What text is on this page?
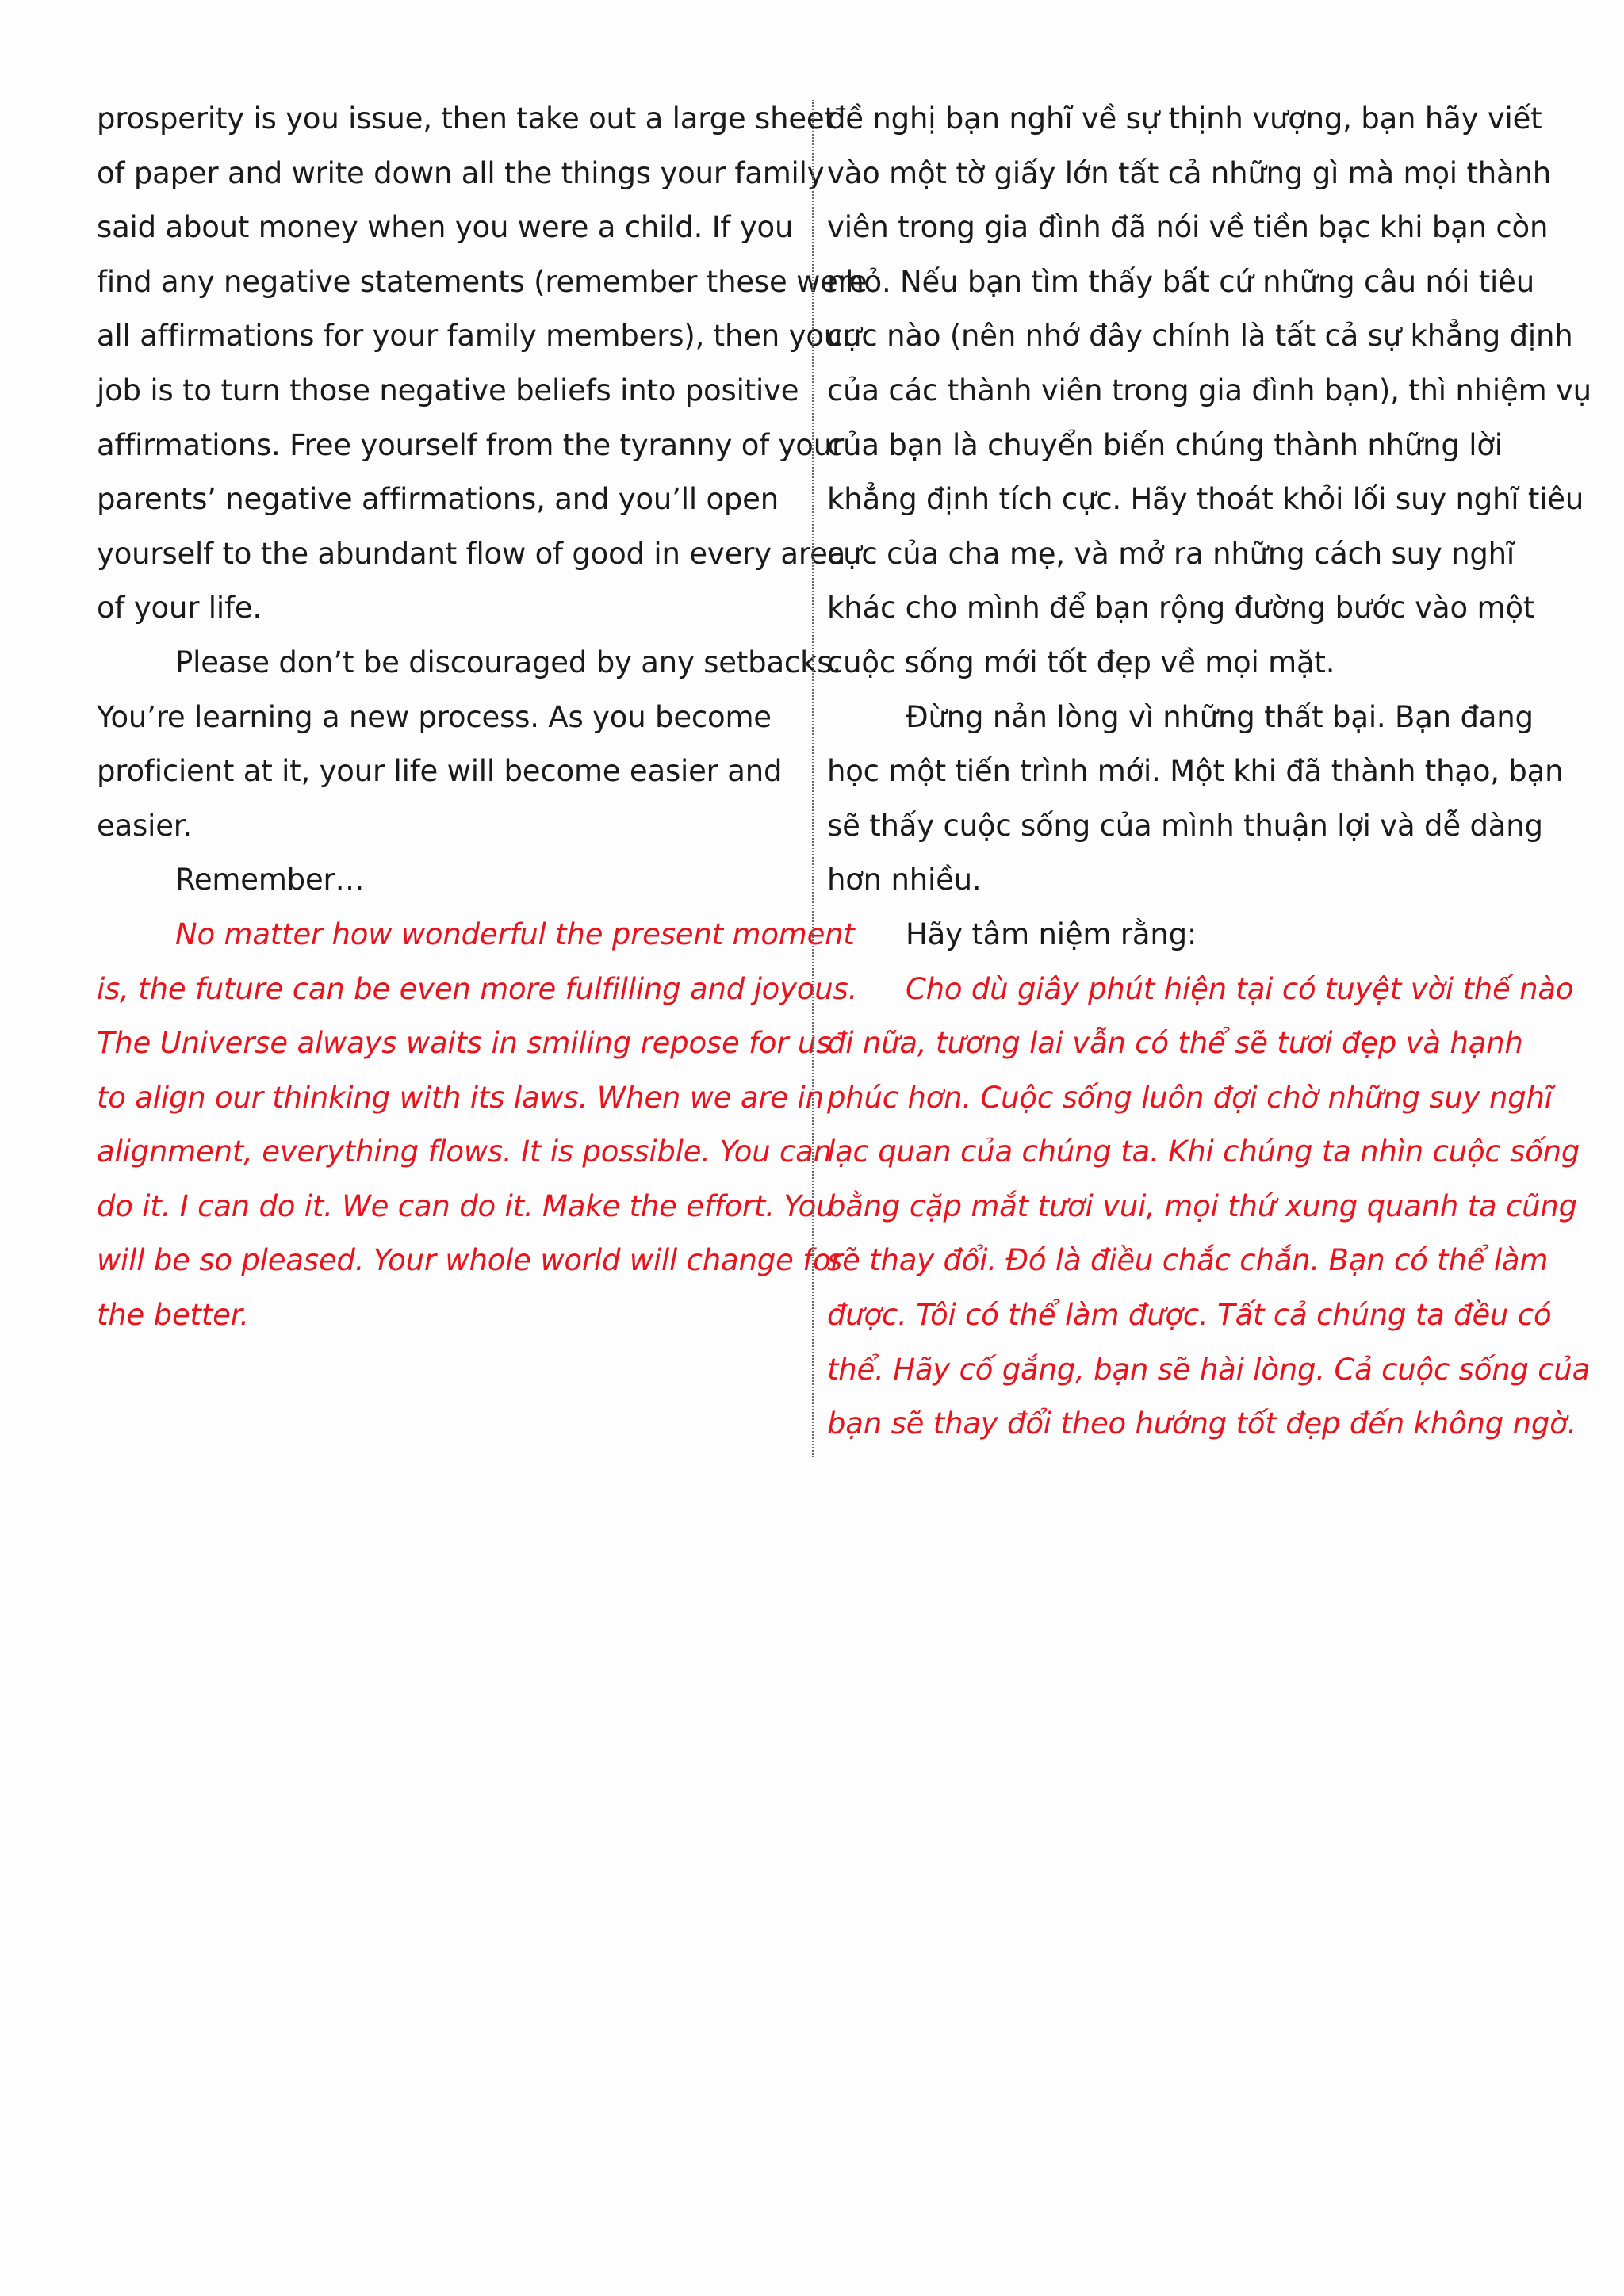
prosperity is you issue, then take out a large sheet
of paper and write down all the things your family
said about money when you were a child. If you
find any negative statements (remember these were
all affirmations for your family members), then your
job is to turn those negative beliefs into positive
affirmations. Free yourself from the tyranny of your
parents’ negative affirmations, and you’ll open
yourself to the abundant flow of good in every area
of your life.
Please don’t be discouraged by any setbacks.
You’re learning a new process. As you become
proficient at it, your life will become easier and
easier.
Remember…
No matter how wonderful the present moment
is, the future can be even more fulfilling and joyous.
The Universe always waits in smiling repose for us
to align our thinking with its laws. When we are in
alignment, everything flows. It is possible. You can
do it. I can do it. We can do it. Make the effort. You
will be so pleased. Your whole world will change for
the better.
đề nghị bạn nghĩ về sự thịnh vượng, bạn hãy viết
vào một tờ giấy lớn tất cả những gì mà mọi thành
viên trong gia đình đã nói về tiền bạc khi bạn còn
nhỏ. Nếu bạn tìm thấy bất cứ những câu nói tiêu
cực nào (nên nhớ đây chính là tất cả sự khẳng định
của các thành viên trong gia đình bạn), thì nhiệm vụ
của bạn là chuyển biến chúng thành những lời
khẳng định tích cực. Hãy thoát khỏi lối suy nghĩ tiêu
cực của cha mẹ, và mở ra những cách suy nghĩ
khác cho mình để bạn rộng đường bước vào một
cuộc sống mới tốt đẹp về mọi mặt.
Đừng nản lòng vì những thất bại. Bạn đang
học một tiến trình mới. Một khi đã thành thạo, bạn
sẽ thấy cuộc sống của mình thuận lợi và dễ dàng
hơn nhiều.
Hãy tâm niệm rằng:
Cho dù giây phút hiện tại có tuyệt vời thế nào
đi nữa, tương lai vẫn có thể sẽ tươi đẹp và hạnh
phúc hơn. Cuộc sống luôn đợi chờ những suy nghĩ
lạc quan của chúng ta. Khi chúng ta nhìn cuộc sống
bằng cặp mắt tươi vui, mọi thứ xung quanh ta cũng
sẽ thay đổi. Đó là điều chắc chắn. Bạn có thể làm
được. Tôi có thể làm được. Tất cả chúng ta đều có
thể. Hãy cố gắng, bạn sẽ hài lòng. Cả cuộc sống của
bạn sẽ thay đổi theo hướng tốt đẹp đến không ngờ.
